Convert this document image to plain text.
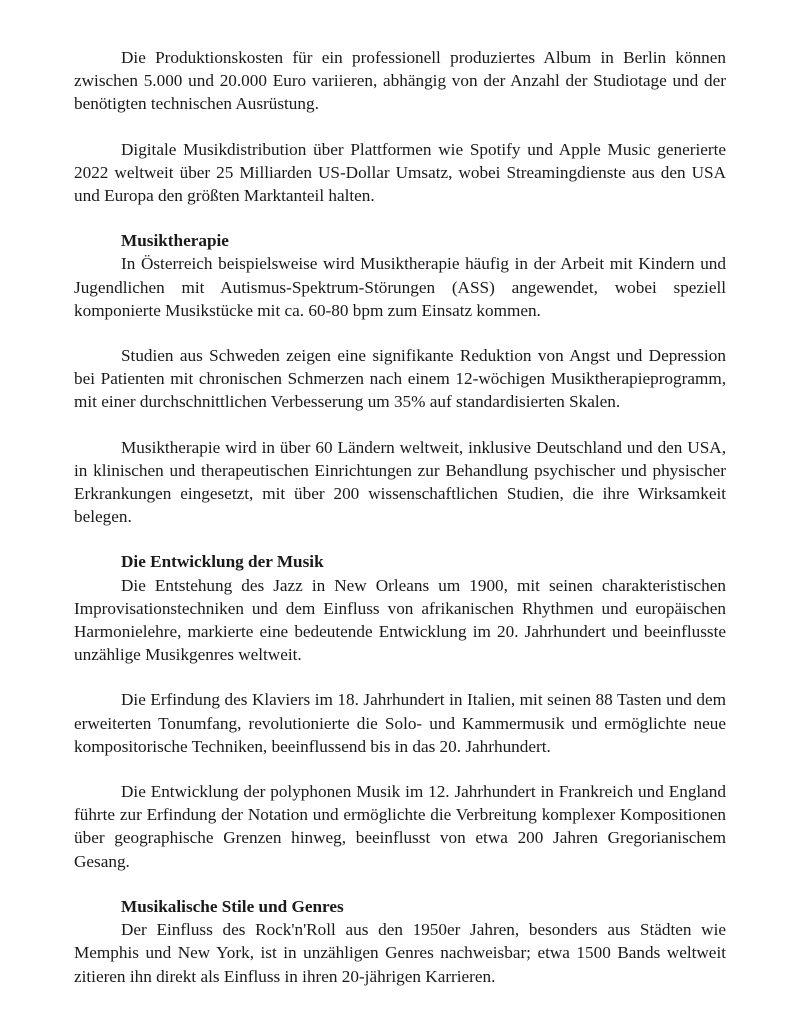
Die Produktionskosten für ein professionell produziertes Album in Berlin können zwischen 5.000 und 20.000 Euro variieren, abhängig von der Anzahl der Studiotage und der benötigten technischen Ausrüstung.

Digitale Musikdistribution über Plattformen wie Spotify und Apple Music generierte 2022 weltweit über 25 Milliarden US-Dollar Umsatz, wobei Streamingdienste aus den USA und Europa den größten Marktanteil halten.

Musiktherapie

In Österreich beispielsweise wird Musiktherapie häufig in der Arbeit mit Kindern und Jugendlichen mit Autismus-Spektrum-Störungen (ASS) angewendet, wobei speziell komponierte Musikstücke mit ca. 60-80 bpm zum Einsatz kommen.

Studien aus Schweden zeigen eine signifikante Reduktion von Angst und Depression bei Patienten mit chronischen Schmerzen nach einem 12-wöchigen Musiktherapieprogramm, mit einer durchschnittlichen Verbesserung um 35% auf standardisierten Skalen.

Musiktherapie wird in über 60 Ländern weltweit, inklusive Deutschland und den USA, in klinischen und therapeutischen Einrichtungen zur Behandlung psychischer und physischer Erkrankungen eingesetzt, mit über 200 wissenschaftlichen Studien, die ihre Wirksamkeit belegen.

Die Entwicklung der Musik

Die Entstehung des Jazz in New Orleans um 1900, mit seinen charakteristischen Improvisationstechniken und dem Einfluss von afrikanischen Rhythmen und europäischen Harmonielehre, markierte eine bedeutende Entwicklung im 20. Jahrhundert und beeinflusste unzählige Musikgenres weltweit.

Die Erfindung des Klaviers im 18. Jahrhundert in Italien, mit seinen 88 Tasten und dem erweiterten Tonumfang, revolutionierte die Solo- und Kammermusik und ermöglichte neue kompositorische Techniken, beeinflussend bis in das 20. Jahrhundert.

Die Entwicklung der polyphonen Musik im 12. Jahrhundert in Frankreich und England führte zur Erfindung der Notation und ermöglichte die Verbreitung komplexer Kompositionen über geographische Grenzen hinweg, beeinflusst von etwa 200 Jahren Gregorianischem Gesang.

Musikalische Stile und Genres

Der Einfluss des Rock'n'Roll aus den 1950er Jahren, besonders aus Städten wie Memphis und New York, ist in unzähligen Genres nachweisbar; etwa 1500 Bands weltweit zitieren ihn direkt als Einfluss in ihren 20-jährigen Karrieren.
